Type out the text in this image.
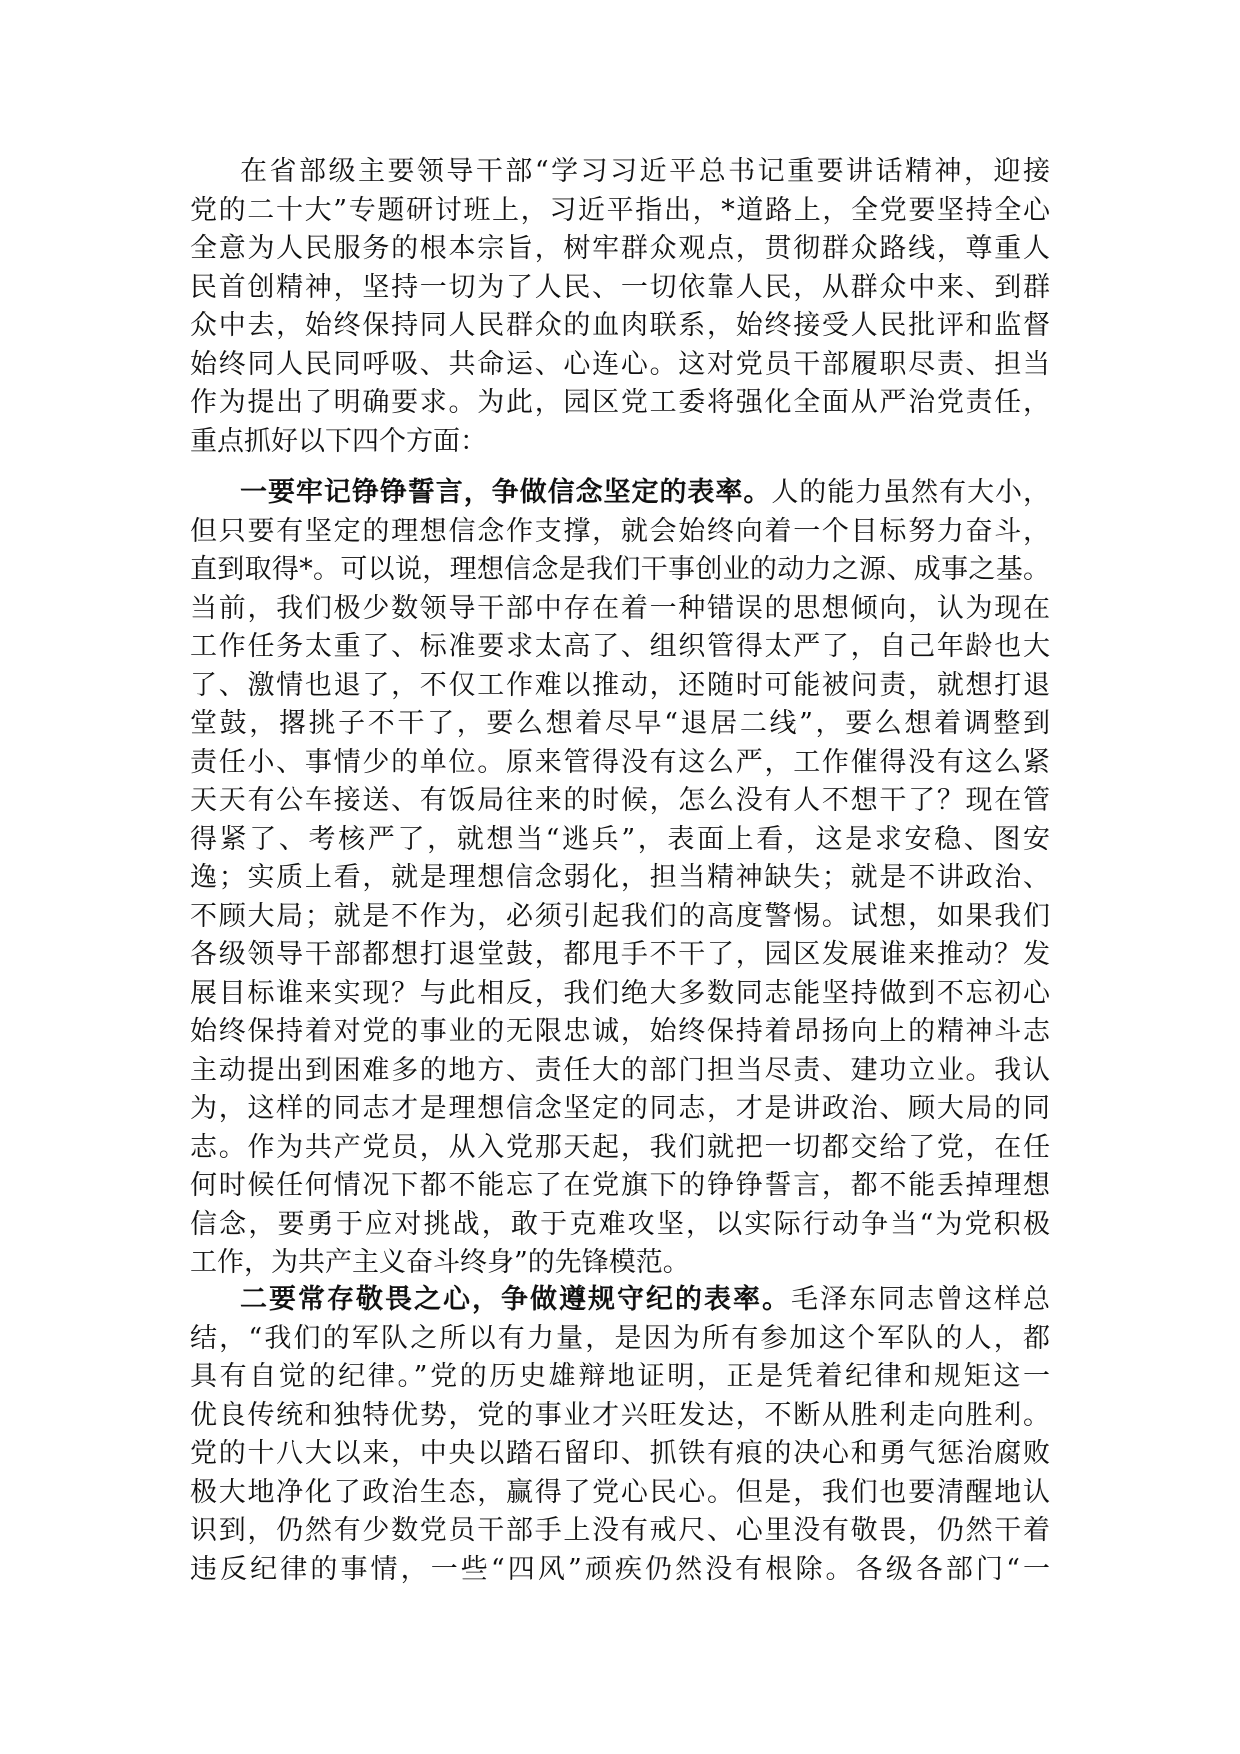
在省部级主要领导干部“学习习近平总书记重要讲话精神，迎接
党的二十大”专题研讨班上，习近平指出，*道路上，全党要坚持全心
全意为人民服务的根本宗旨，树牢群众观点，贯彻群众路线，尊重人
民首创精神，坚持一切为了人民、一切依靠人民，从群众中来、到群
众中去，始终保持同人民群众的血肉联系，始终接受人民批评和监督
始终同人民同呼吸、共命运、心连心。这对党员干部履职尽责、担当
作为提出了明确要求。为此，园区党工委将强化全面从严治党责任，
重点抓好以下四个方面：
一要牢记铮铮誓言，争做信念坚定的表率。人的能力虽然有大小，
但只要有坚定的理想信念作支撑，就会始终向着一个目标努力奋斗，
直到取得*。可以说，理想信念是我们干事创业的动力之源、成事之基。
当前，我们极少数领导干部中存在着一种错误的思想倾向，认为现在
工作任务太重了、标准要求太高了、组织管得太严了，自己年龄也大
了、激情也退了，不仅工作难以推动，还随时可能被问责，就想打退
堂鼓，撂挑子不干了，要么想着尽早“退居二线”，要么想着调整到
责任小、事情少的单位。原来管得没有这么严，工作催得没有这么紧
天天有公车接送、有饭局往来的时候，怎么没有人不想干了？现在管
得紧了、考核严了，就想当“逃兵”，表面上看，这是求安稳、图安
逸；实质上看，就是理想信念弱化，担当精神缺失；就是不讲政治、
不顾大局；就是不作为，必须引起我们的高度警惕。试想，如果我们
各级领导干部都想打退堂鼓，都甩手不干了，园区发展谁来推动？发
展目标谁来实现？与此相反，我们绝大多数同志能坚持做到不忘初心
始终保持着对党的事业的无限忠诚，始终保持着昂扬向上的精神斗志
主动提出到困难多的地方、责任大的部门担当尽责、建功立业。我认
为，这样的同志才是理想信念坚定的同志，才是讲政治、顾大局的同
志。作为共产党员，从入党那天起，我们就把一切都交给了党，在任
何时候任何情况下都不能忘了在党旗下的铮铮誓言，都不能丢掉理想
信念，要勇于应对挑战，敢于克难攻坚，以实际行动争当“为党积极
工作，为共产主义奋斗终身”的先锋模范。
二要常存敬畏之心，争做遵规守纪的表率。毛泽东同志曾这样总
结，“我们的军队之所以有力量，是因为所有参加这个军队的人，都
具有自觉的纪律。”党的历史雄辩地证明，正是凭着纪律和规矩这一
优良传统和独特优势，党的事业才兴旺发达，不断从胜利走向胜利。
党的十八大以来，中央以踏石留印、抓铁有痕的决心和勇气惩治腐败
极大地净化了政治生态，赢得了党心民心。但是，我们也要清醒地认
识到，仍然有少数党员干部手上没有戒尺、心里没有敬畏，仍然干着
违反纪律的事情，一些“四风”顽疾仍然没有根除。各级各部门“一
